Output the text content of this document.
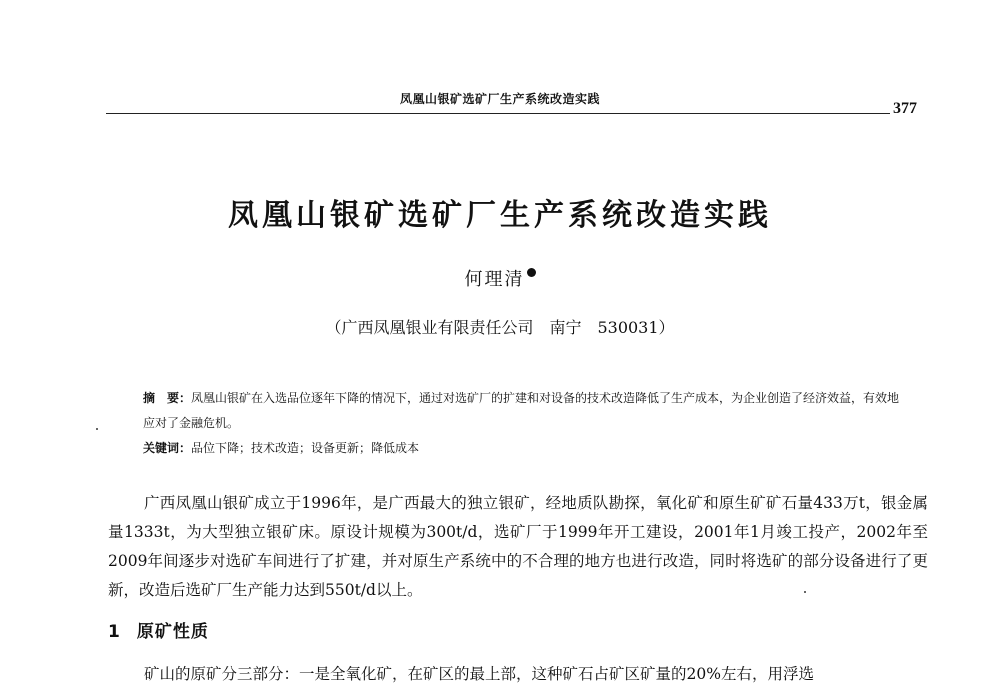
凤凰山银矿选矿厂生产系统改造实践
377
凤凰山银矿选矿厂生产系统改造实践
何理清
（广西凤凰银业有限责任公司　南宁　530031）
摘　要：凤凰山银矿在入选品位逐年下降的情况下，通过对选矿厂的扩建和对设备的技术改造降低了生产成本，为企业创造了经济效益，有效地应对了金融危机。
关键词：品位下降；技术改造；设备更新；降低成本

广西凤凰山银矿成立于1996年，是广西最大的独立银矿，经地质队勘探，氧化矿和原生矿矿石量433万t，银金属量1333t，为大型独立银矿床。原设计规模为300t/d，选矿厂于1999年开工建设，2001年1月竣工投产，2002年至2009年间逐步对选矿车间进行了扩建，并对原生产系统中的不合理的地方也进行改造，同时将选矿的部分设备进行了更新，改造后选矿厂生产能力达到550t/d以上。

1 原矿性质

矿山的原矿分三部分：一是全氧化矿，在矿区的最上部，这种矿石占矿区矿量的20%左右，用浮选
